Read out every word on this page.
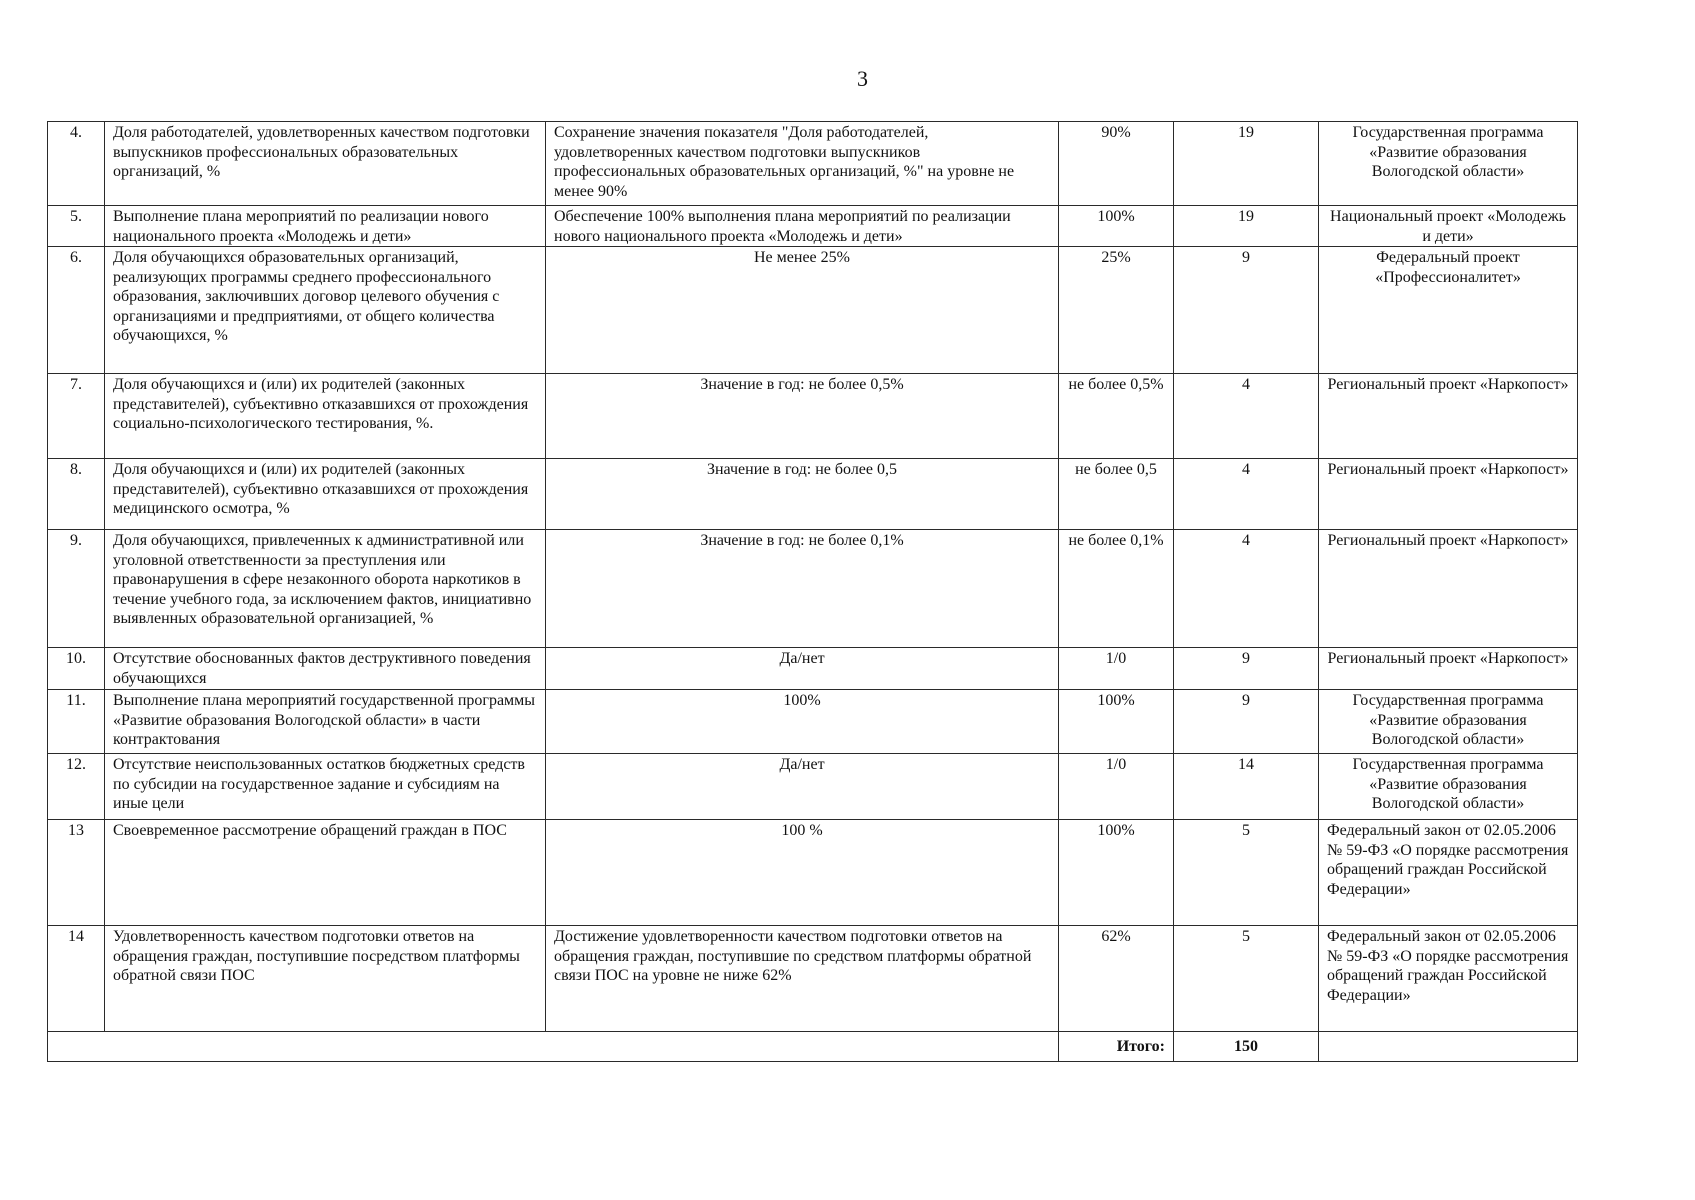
3
4.	Доля работодателей, удовлетворенных качеством подготовки выпускников профессиональных образовательных организаций, %	Сохранение значения показателя "Доля работодателей, удовлетворенных качеством подготовки выпускников профессиональных образовательных организаций, %" на уровне не менее 90%	90%	19	Государственная программа «Развитие образования Вологодской области»
5.	Выполнение плана мероприятий по реализации нового национального проекта «Молодежь и дети»	Обеспечение 100% выполнения плана мероприятий по реализации нового национального проекта «Молодежь и дети»	100%	19	Национальный проект «Молодежь и дети»
6.	Доля обучающихся образовательных организаций, реализующих программы среднего профессионального образования, заключивших договор целевого обучения с организациями и предприятиями, от общего количества обучающихся, %	Не менее 25%	25%	9	Федеральный проект «Профессионалитет»
7.	Доля обучающихся и (или) их родителей (законных представителей), субъективно отказавшихся от прохождения социально-психологического тестирования, %.	Значение в год: не более 0,5%	не более 0,5%	4	Региональный проект «Наркопост»
8.	Доля обучающихся и (или) их родителей (законных представителей), субъективно отказавшихся от прохождения медицинского осмотра, %	Значение в год: не более 0,5	не более 0,5	4	Региональный проект «Наркопост»
9.	Доля обучающихся, привлеченных к административной или уголовной ответственности за преступления или правонарушения в сфере незаконного оборота наркотиков в течение учебного года, за исключением фактов, инициативно выявленных образовательной организацией, %	Значение в год: не более 0,1%	не более 0,1%	4	Региональный проект «Наркопост»
10.	Отсутствие обоснованных фактов деструктивного поведения обучающихся	Да/нет	1/0	9	Региональный проект «Наркопост»
11.	Выполнение плана мероприятий государственной программы «Развитие образования Вологодской области» в части контрактования	100%	100%	9	Государственная программа «Развитие образования Вологодской области»
12.	Отсутствие неиспользованных остатков бюджетных средств по субсидии на государственное задание и субсидиям на иные цели	Да/нет	1/0	14	Государственная программа «Развитие образования Вологодской области»
13	Своевременное рассмотрение обращений граждан в ПОС	100 %	100%	5	Федеральный закон от 02.05.2006 № 59-ФЗ «О порядке рассмотрения обращений граждан Российской Федерации»
14	Удовлетворенность качеством подготовки ответов на обращения граждан, поступившие посредством платформы обратной связи ПОС	Достижение удовлетворенности качеством подготовки ответов на обращения граждан, поступившие по средством платформы обратной связи ПОС на уровне не ниже 62%	62%	5	Федеральный закон от 02.05.2006 № 59-ФЗ «О порядке рассмотрения обращений граждан Российской Федерации»
			Итого:	150	
